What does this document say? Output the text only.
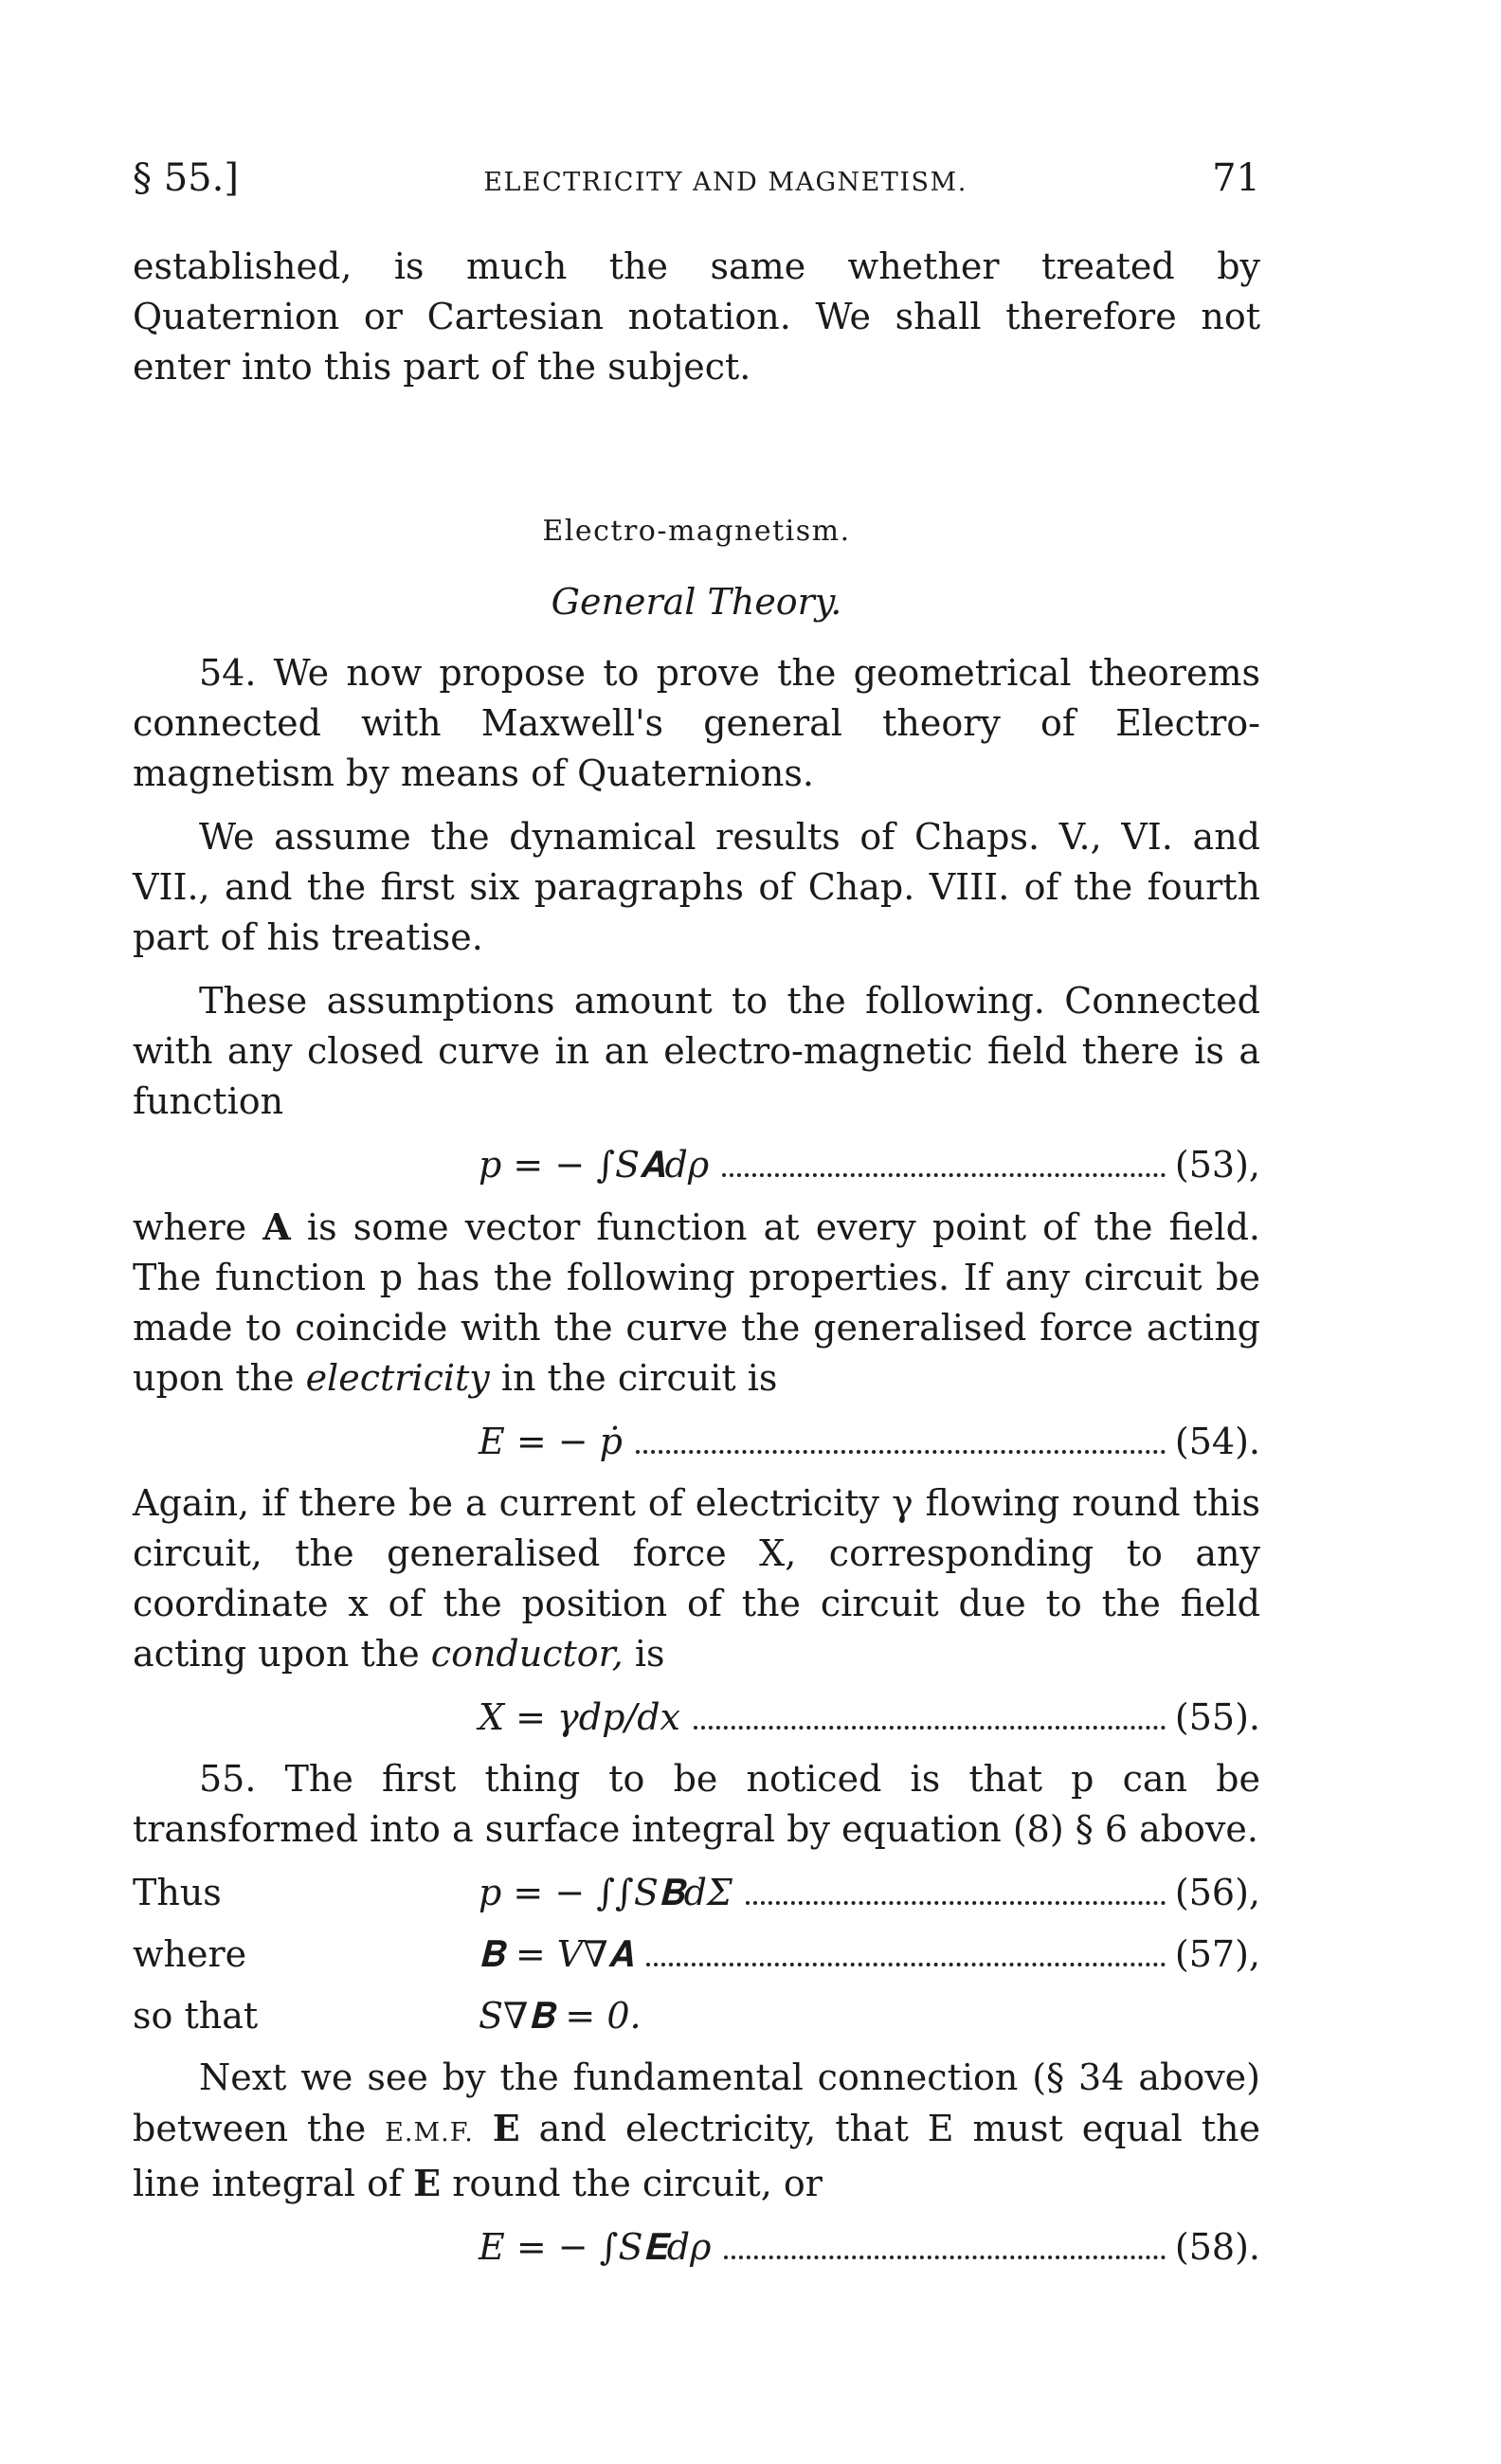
§ 55.]	ELECTRICITY AND MAGNETISM.	71

established, is much the same whether treated by Quaternion or Cartesian notation. We shall therefore not enter into this part of the subject.

Electro-magnetism.
General Theory.

54. We now propose to prove the geometrical theorems connected with Maxwell's general theory of Electro-magnetism by means of Quaternions.

We assume the dynamical results of Chaps. V., VI. and VII., and the first six paragraphs of Chap. VIII. of the fourth part of his treatise.

These assumptions amount to the following. Connected with any closed curve in an electro-magnetic field there is a function

p = − ∫S𝐀dρ	(53),

where A is some vector function at every point of the field. The function p has the following properties. If any circuit be made to coincide with the curve the generalised force acting upon the electricity in the circuit is

E = − ṗ	(54).

Again, if there be a current of electricity γ flowing round this circuit, the generalised force X, corresponding to any coordinate x of the position of the circuit due to the field acting upon the conductor, is

X = γdp/dx	(55).

55. The first thing to be noticed is that p can be transformed into a surface integral by equation (8) § 6 above.

Thus	p = − ∫∫S𝐁dΣ	(56),
where	𝐁 = V∇𝐀	(57),
so that	S∇𝐁 = 0.

Next we see by the fundamental connection (§ 34 above) between the E.M.F. E and electricity, that E must equal the line integral of E round the circuit, or

E = − ∫S𝐄dρ	(58).
